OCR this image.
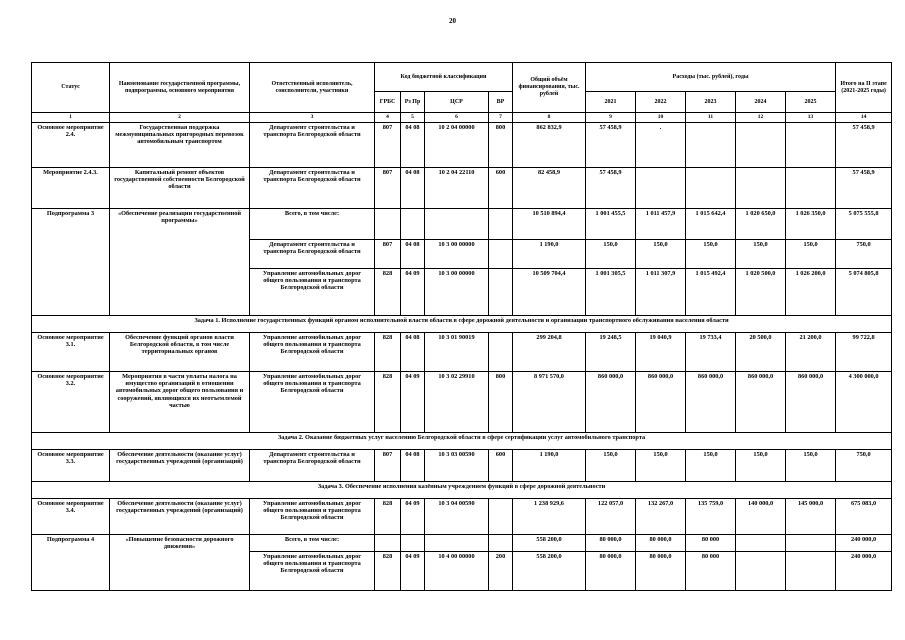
20
Статус	Наименование государственной программы, подпрограммы, основного мероприятия	Ответственный исполнитель, соисполнители, участники	Код бюджетной классификации				Общий объём финансирования, тыс. рублей	Расходы (тыс. рублей), годы					Итого на II этапе (2021-2025 годы)
			ГРБС	Рз Пр	ЦСР	ВР		2021	2022	2023	2024	2025	
1	2	3	4	5	6	7	8	9	10	11	12	13	14
Основное мероприятие 2.4.	Государственная поддержка межмуниципальных пригородных перевозок автомобильным транспортом	Департамент строительства и транспорта Белгородской области	807	04 08	10 2 04 00000	800	862 832,9	57 458,9	.				57 458,9
Мероприятие 2.4.3.	Капитальный ремонт объектов государственной собственности Белгородской области	Департамент строительства и транспорта Белгородской области	807	04 08	10 2 04 22110	600	82 458,9	57 458,9					57 458,9
Подпрограмма 3	«Обеспечение реализации государственной программы»	Всего, в том числе:					10 510 894,4	1 001 455,5	1 011 457,9	1 015 642,4	1 020 650,0	1 026 350,0	5 075 555,8
		Департамент строительства и транспорта Белгородской области	807	04 08	10 3 00 00000		1 190,0	150,0	150,0	150,0	150,0	150,0	750,0
		Управление автомобильных дорог общего пользования и транспорта Белгородской области	828	04 09	10 3 00 00000		10 509 704,4	1 001 305,5	1 011 307,9	1 015 492,4	1 020 500,0	1 026 200,0	5 074 805,8
Задача 1. Исполнение государственных функций органом исполнительной власти области в сфере дорожной деятельности и организации транспортного обслуживания населения области													
Основное мероприятие 3.1.	Обеспечение функций органов власти Белгородской области, в том числе территориальных органов	Управление автомобильных дорог общего пользования и транспорта Белгородской области	828	04 08	10 3 01 90019		299 204,8	19 248,5	19 040,9	19 733,4	20 500,0	21 200,0	99 722,8
Основное мероприятие 3.2.	Мероприятия в части уплаты налога на имущество организаций в отношении автомобильных дорог общего пользования и сооружений, являющихся их неотъемлемой частью	Управление автомобильных дорог общего пользования и транспорта Белгородской области	828	04 09	10 3 02 29910	800	8 971 570,0	860 000,0	860 000,0	860 000,0	860 000,0	860 000,0	4 300 000,0
Задача 2. Оказание бюджетных услуг населению Белгородской области в сфере сертификации услуг автомобильного транспорта													
Основное мероприятие 3.3.	Обеспечение деятельности (оказание услуг) государственных учреждений (организаций)	Департамент строительства и транспорта Белгородской области	807	04 08	10 3 03 00590	600	1 190,0	150,0	150,0	150,0	150,0	150,0	750,0
Задача 3. Обеспечение исполнения казённым учреждением функций в сфере дорожной деятельности													
Основное мероприятие 3.4.	Обеспечение деятельности (оказание услуг) государственных учреждений (организаций)	Управление автомобильных дорог общего пользования и транспорта Белгородской области	828	04 09	10 3 04 00590		1 238 929,6	122 057,0	132 267,0	135 759,0	140 000,0	145 000,0	675 083,0
Подпрограмма 4	«Повышение безопасности дорожного движения»	Всего, в том числе:					558 200,0	80 000,0	80 000,0	80 000			240 000,0
		Управление автомобильных дорог общего пользования и транспорта Белгородской области	828	04 09	10 4 00 00000	200	558 200,0	80 000,0	80 000,0	80 000			240 000,0
